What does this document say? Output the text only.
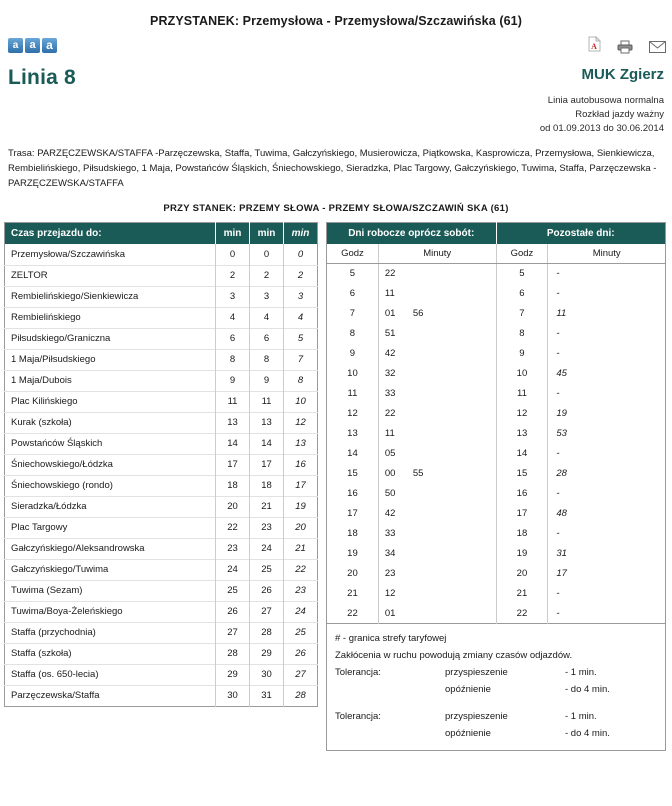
PRZYSTANEK: Przemysłowa - Przemysłowa/Szczawińska (61)
a	a a	A
Linia 8	MUK Zgierz
Linia autobusowa normalna
Rozkład jazdy ważny
od 01.09.2013 do 30.06.2014
Trasa: PARZĘCZEWSKA/STAFFA -Parzęczewska, Staffa, Tuwima, Gałczyńskiego, Musierowicza, Piątkowska, Kasprowicza, Przemysłowa, Sienkiewicza, Rembielińskiego, Piłsudskiego, 1 Maja, Powstańców Śląskich, Śniechowskiego, Sieradzka, Plac Targowy, Gałczyńskiego, Tuwima, Staffa, Parzęczewska - PARZĘCZEWSKA/STAFFA
PRZY STANEK: PRZEMY SŁOWA - PRZEMY SŁOWA/SZCZAWIŃ SKA (61)
Czas przejazdu do:	min	min	min
Przemysłowa/Szczawińska	0	0	0
ZELTOR	2	2	2
Rembielińskiego/Sienkiewicza	3	3	3
Rembielińskiego	4	4	4
Piłsudskiego/Graniczna	6	6	5
1 Maja/Piłsudskiego	8	8	7
1 Maja/Dubois	9	9	8
Plac Kilińskiego	11	11	10
Kurak (szkoła)	13	13	12
Powstańców Śląskich	14	14	13
Śniechowskiego/Łódzka	17	17	16
Śniechowskiego (rondo)	18	18	17
Sieradzka/Łódzka	20	21	19
Plac Targowy	22	23	20
Gałczyńskiego/Aleksandrowska	23	24	21
Gałczyńskiego/Tuwima	24	25	22
Tuwima (Sezam)	25	26	23
Tuwima/Boya-Żeleńskiego	26	27	24
Staffa (przychodnia)	27	28	25
Staffa (szkoła)	28	29	26
Staffa (os. 650-lecia)	29	30	27
Parzęczewska/Staffa	30	31	28
Dni robocze oprócz sobót:		Pozostałe dni:	
Godz	Minuty	Godz	Minuty
5	22	5	-
6	11	6	-
7	01 56	7	11
8	51	8	-
9	42	9	-
10	32	10	45
11	33	11	-
12	22	12	19
13	11	13	53
14	05	14	-
15	00 55	15	28
16	50	16	-
17	42	17	48
18	33	18	-
19	34	19	31
20	23	20	17
21	12	21	-
22	01	22	-
# - granica strefy taryfowej
Zakłócenia w ruchu powodują zmiany czasów odjazdów.
Tolerancja:	przyspieszenie	- 1 min.
opóźnienie	- do 4 min.
Tolerancja:	przyspieszenie	- 1 min.
opóźnienie	- do 4 min.
